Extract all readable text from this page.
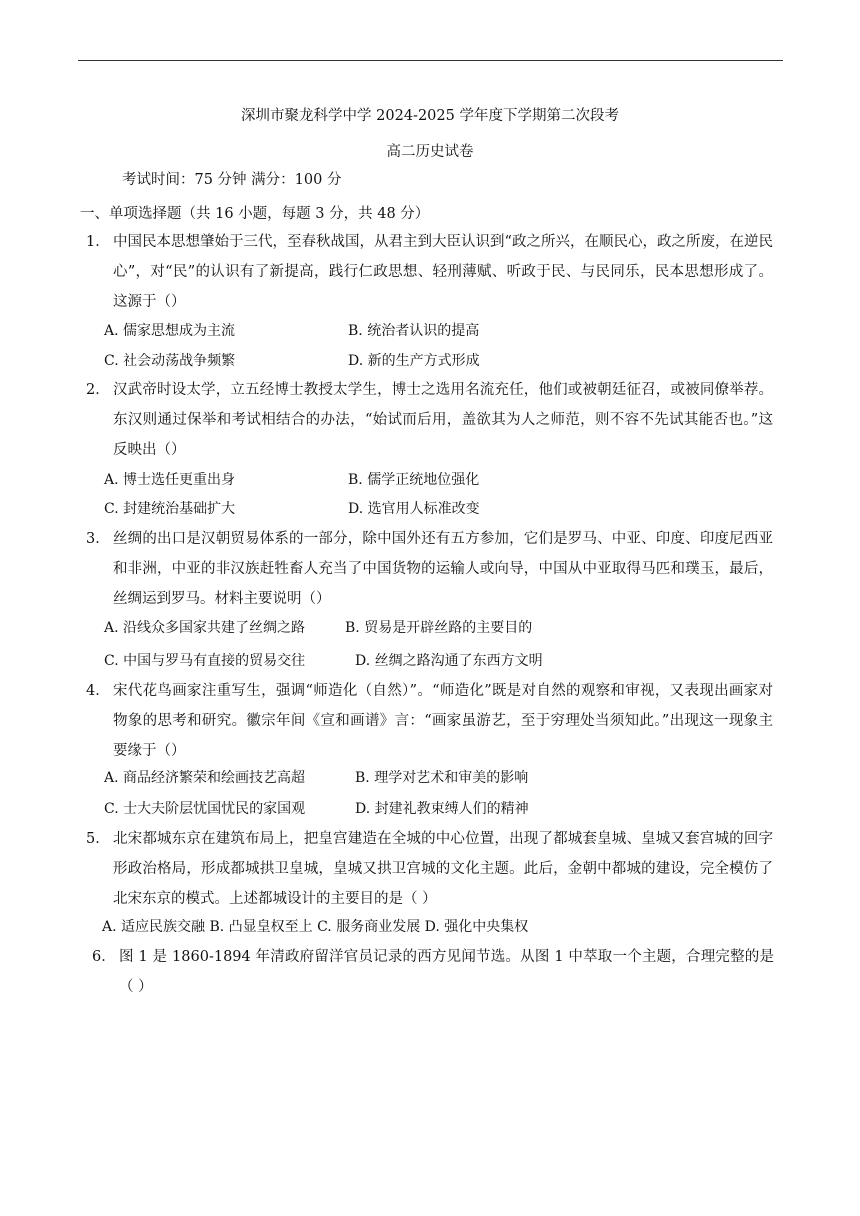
深圳市聚龙科学中学 2024-2025 学年度下学期第二次段考
高二历史试卷
考试时间：75 分钟 满分：100 分
一、单项选择题（共 16 小题，每题 3 分，共 48 分）
1． 中国民本思想肇始于三代，至春秋战国，从君主到大臣认识到“政之所兴，在顺民心，政之所废，在逆民心”，对“民”的认识有了新提高，践行仁政思想、轻刑薄赋、听政于民、与民同乐，民本思想形成了。这源于（）
A. 儒家思想成为主流	B. 统治者认识的提高
C. 社会动荡战争频繁	D. 新的生产方式形成
2． 汉武帝时设太学，立五经博士教授太学生，博士之选用名流充任，他们或被朝廷征召，或被同僚举荐。东汉则通过保举和考试相结合的办法，“始试而后用，盖欲其为人之师范，则不容不先试其能否也。”这反映出（）
A. 博士选任更重出身	B. 儒学正统地位强化
C. 封建统治基础扩大	D. 选官用人标准改变
3． 丝绸的出口是汉朝贸易体系的一部分，除中国外还有五方参加，它们是罗马、中亚、印度、印度尼西亚和非洲，中亚的非汉族赶牲畜人充当了中国货物的运输人或向导，中国从中亚取得马匹和璞玉，最后，丝绸运到罗马。材料主要说明（）
A. 沿线众多国家共建了丝绸之路	B. 贸易是开辟丝路的主要目的
C. 中国与罗马有直接的贸易交往	D. 丝绸之路沟通了东西方文明
4． 宋代花鸟画家注重写生，强调“师造化（自然）”。“师造化”既是对自然的观察和审视，又表现出画家对物象的思考和研究。徽宗年间《宣和画谱》言：“画家虽游艺，至于穷理处当须知此。”出现这一现象主要缘于（）
A. 商品经济繁荣和绘画技艺高超	B. 理学对艺术和审美的影响
C. 士大夫阶层忧国忧民的家国观	D. 封建礼教束缚人们的精神
5． 北宋都城东京在建筑布局上，把皇宫建造在全城的中心位置，出现了都城套皇城、皇城又套宫城的回字形政治格局，形成都城拱卫皇城，皇城又拱卫宫城的文化主题。此后，金朝中都城的建设，完全模仿了北宋东京的模式。上述都城设计的主要目的是（ ）
A. 适应民族交融 B. 凸显皇权至上 C. 服务商业发展 D. 强化中央集权
6． 图 1 是 1860-1894 年清政府留洋官员记录的西方见闻节选。从图 1 中萃取一个主题，合理完整的是（ ）
